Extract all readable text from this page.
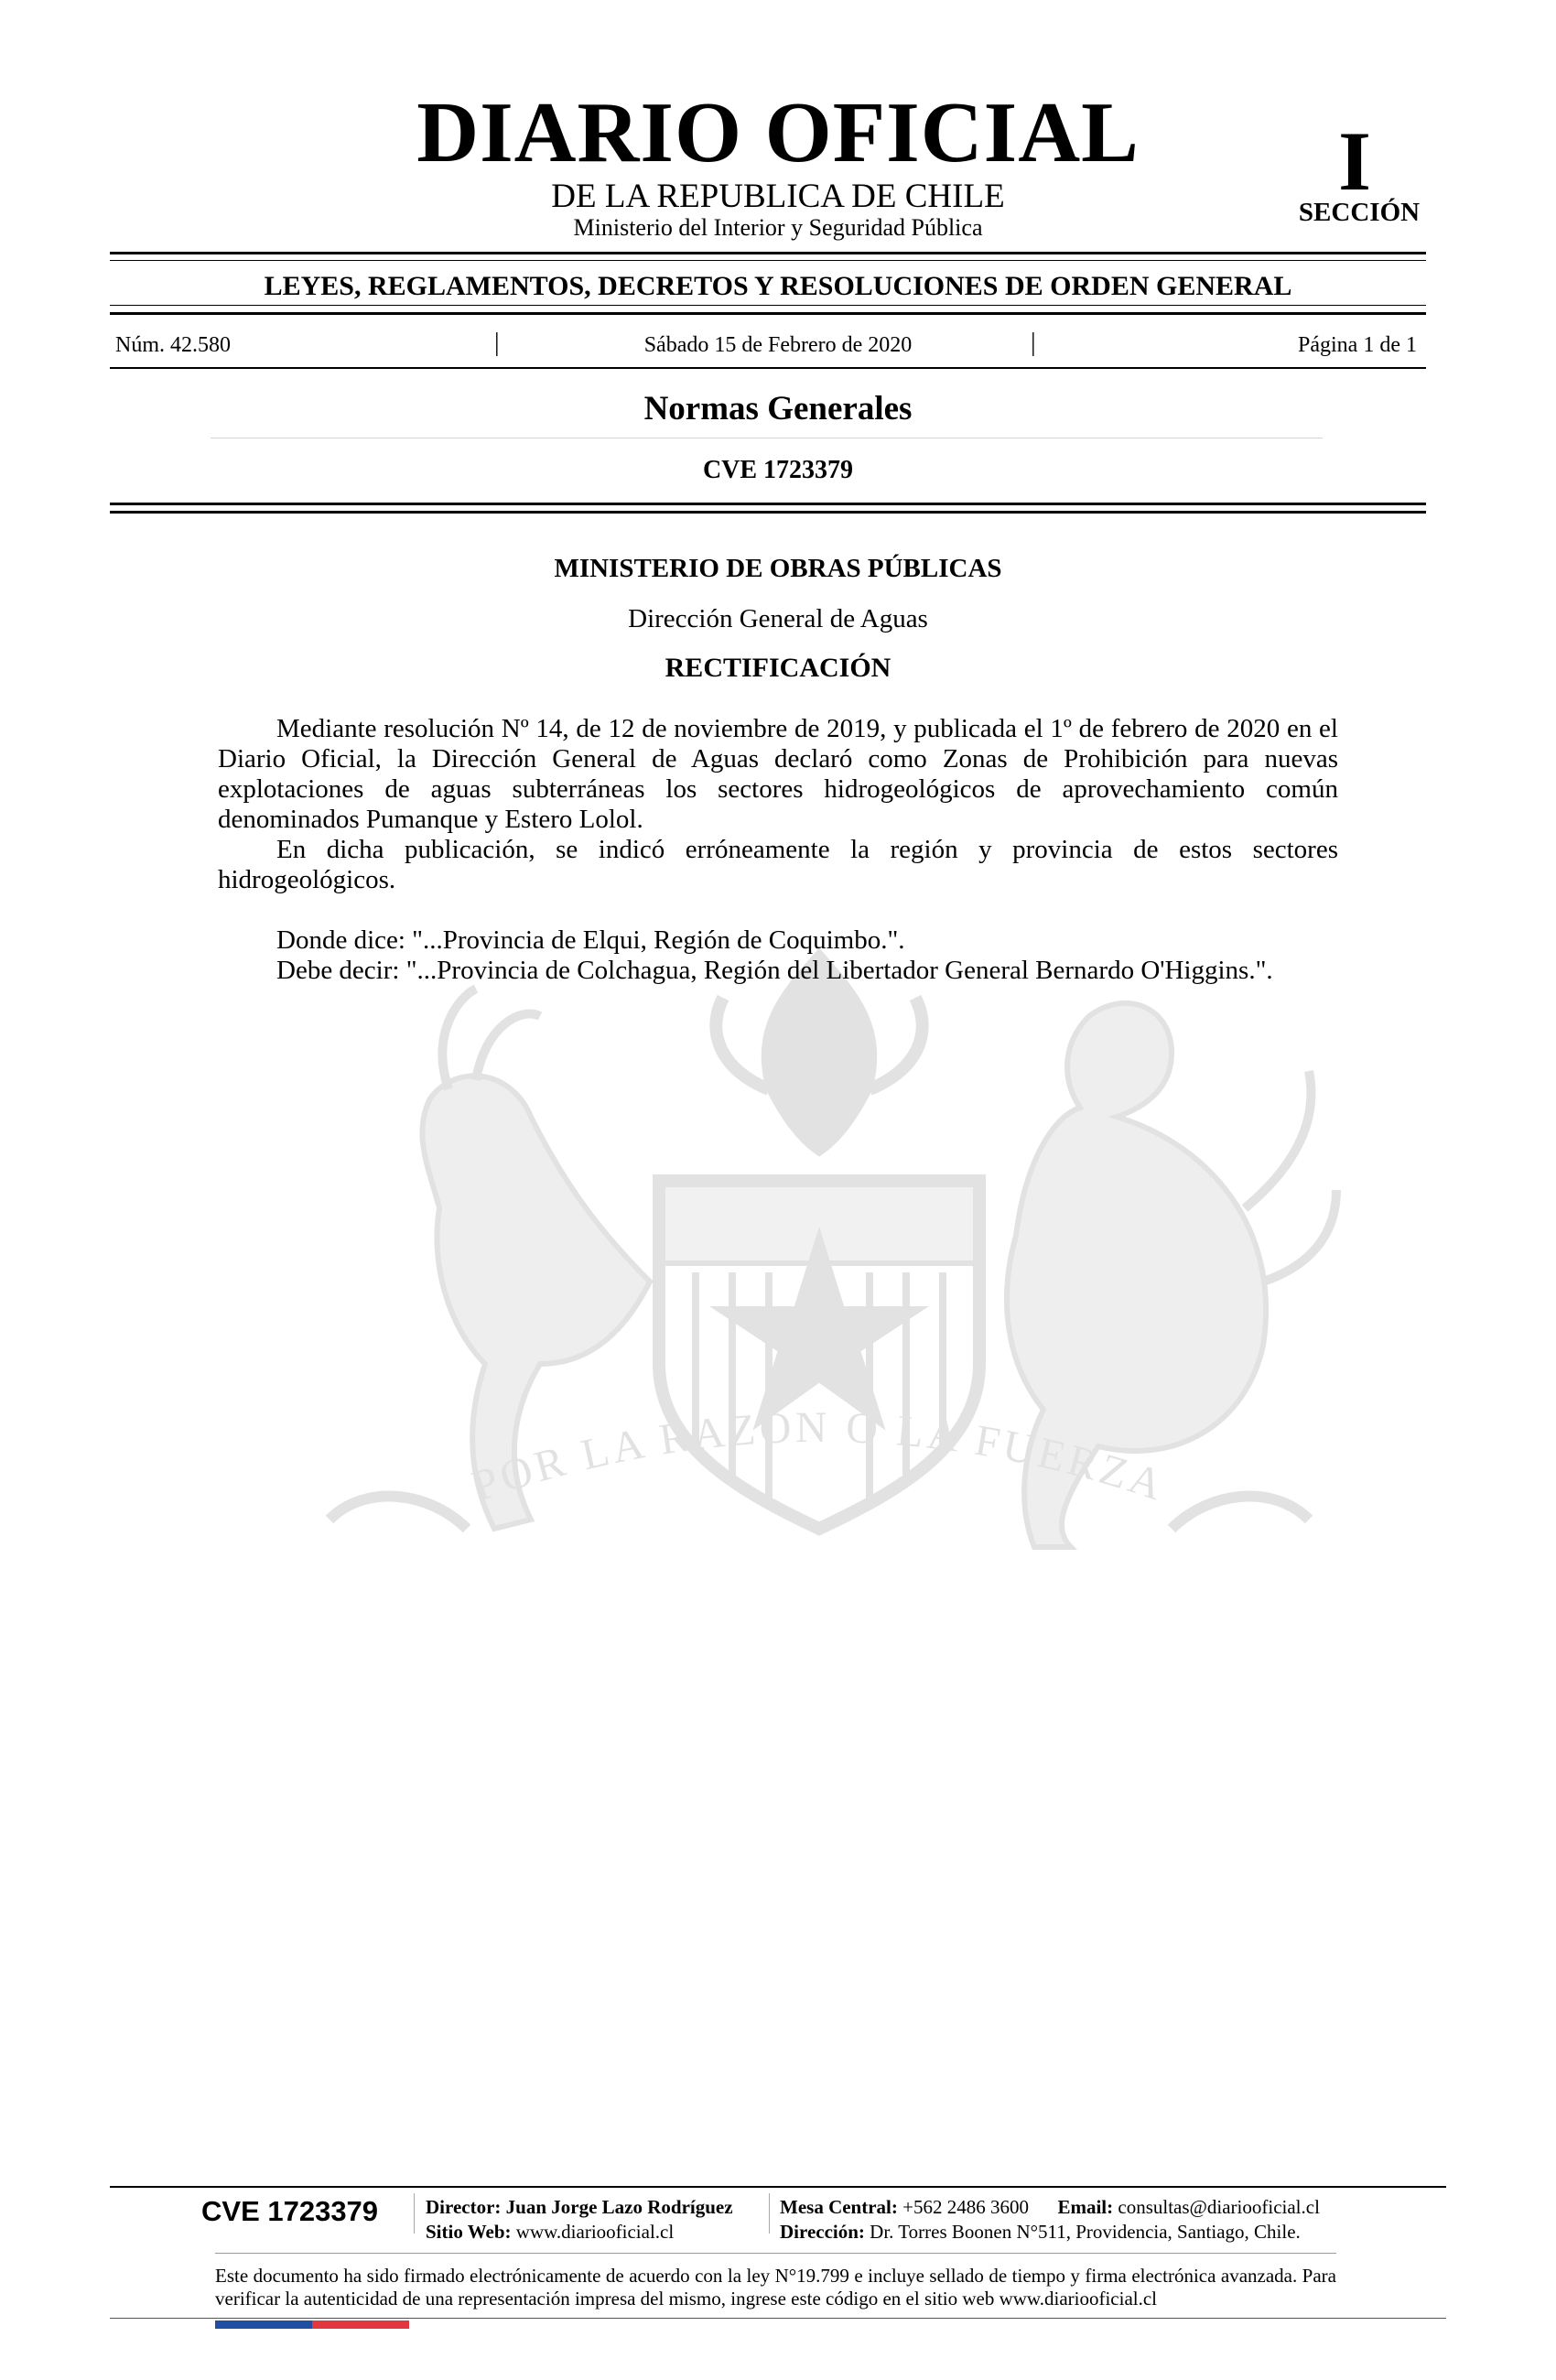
DIARIO OFICIAL
DE LA REPUBLICA DE CHILE
Ministerio del Interior y Seguridad Pública
I
SECCIÓN
LEYES, REGLAMENTOS, DECRETOS Y RESOLUCIONES DE ORDEN GENERAL
Núm. 42.580	|	Sábado 15 de Febrero de 2020	|	Página 1 de 1
Normas Generales
CVE 1723379
POR LA RAZON O LA FUERZA
MINISTERIO DE OBRAS PÚBLICAS
Dirección General de Aguas
RECTIFICACIÓN

Mediante resolución Nº 14, de 12 de noviembre de 2019, y publicada el 1º de febrero de 2020 en el Diario Oficial, la Dirección General de Aguas declaró como Zonas de Prohibición para nuevas explotaciones de aguas subterráneas los sectores hidrogeológicos de aprovechamiento común denominados Pumanque y Estero Lolol.

En dicha publicación, se indicó erróneamente la región y provincia de estos sectores hidrogeológicos.

Donde dice: "...Provincia de Elqui, Región de Coquimbo.".

Debe decir: "...Provincia de Colchagua, Región del Libertador General Bernardo O'Higgins.".

CVE 1723379 Director: Juan Jorge Lazo Rodríguez
Sitio Web: www.diariooficial.cl
Mesa Central: +562 2486 3600 Email: consultas@diariooficial.cl
Dirección: Dr. Torres Boonen N°511, Providencia, Santiago, Chile.
Este documento ha sido firmado electrónicamente de acuerdo con la ley N°19.799 e incluye sellado de tiempo y firma electrónica avanzada. Para verificar la autenticidad de una representación impresa del mismo, ingrese este código en el sitio web www.diariooficial.cl
